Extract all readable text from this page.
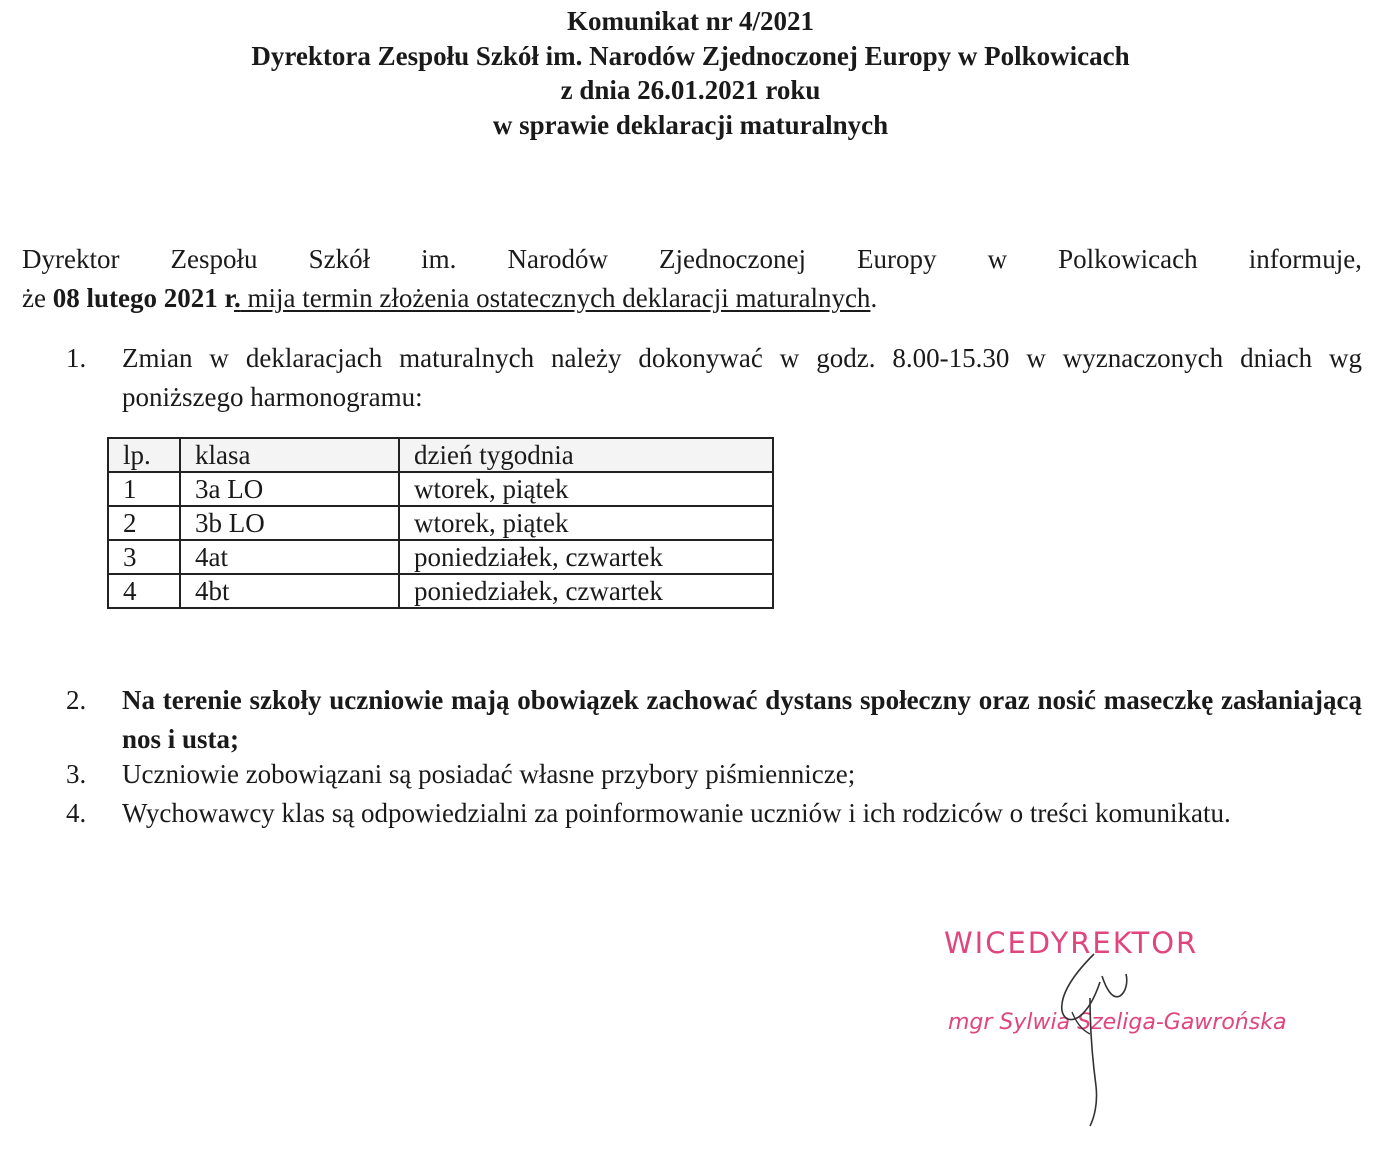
Komunikat nr 4/2021
Dyrektora Zespołu Szkół im. Narodów Zjednoczonej Europy w Polkowicach
z dnia 26.01.2021 roku
w sprawie deklaracji maturalnych
Dyrektor Zespołu Szkół im. Narodów Zjednoczonej Europy w Polkowicach informuje,
że 08 lutego 2021 r. mija termin złożenia ostatecznych deklaracji maturalnych.
1.	Zmian w deklaracjach maturalnych należy dokonywać w godz. 8.00-15.30 w wyznaczonych dniach wg poniższego harmonogramu:
lp.	klasa	dzień tygodnia
1	3a LO	wtorek, piątek
2	3b LO	wtorek, piątek
3	4at	poniedziałek, czwartek
4	4bt	poniedziałek, czwartek
2.	Na terenie szkoły uczniowie mają obowiązek zachować dystans społeczny oraz nosić maseczkę zasłaniającą nos i usta;
3.	Uczniowie zobowiązani są posiadać własne przybory piśmiennicze;
4.	Wychowawcy klas są odpowiedzialni za poinformowanie uczniów i ich rodziców o treści komunikatu.
WICEDYREKTOR
mgr Sylwia Szeliga-Gawrońska
